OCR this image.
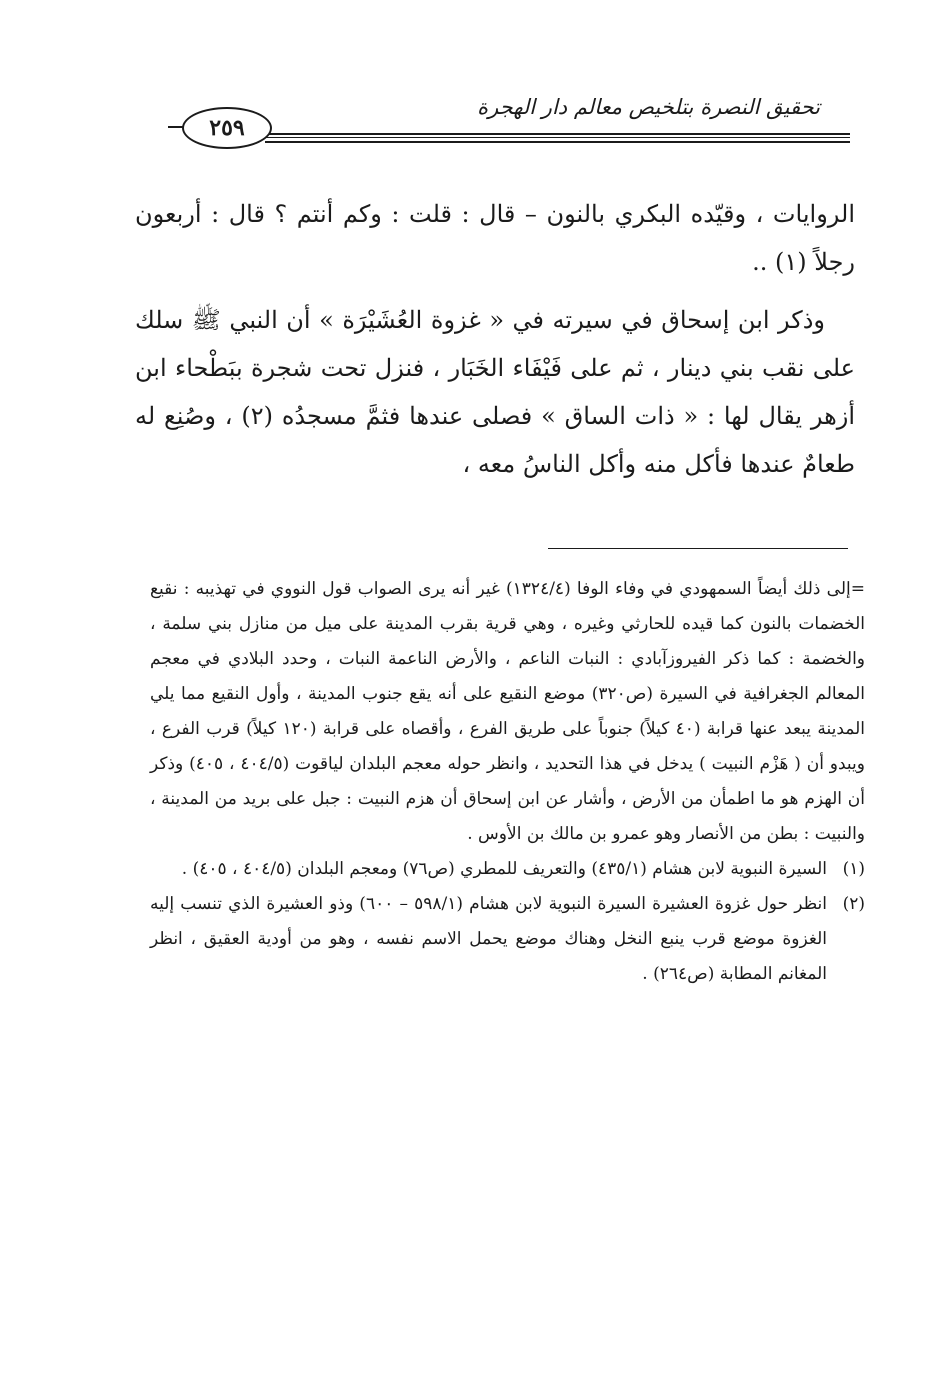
تحقيق النصرة بتلخيص معالم دار الهجرة
٢٥٩

الروايات ، وقيّده البكري بالنون – قال : قلت : وكم أنتم ؟ قال : أربعون رجلاً (١) ..

وذكر ابن إسحاق في سيرته في « غزوة العُشَيْرَة » أن النبي ﷺ سلك على نقب بني دينار ، ثم على فَيْفَاء الخَبَار ، فنزل تحت شجرة ببَطْحاء ابن أزهر يقال لها : « ذات الساق » فصلى عندها فثمَّ مسجدُه (٢) ، وصُنِع له طعامٌ عندها فأكل منه وأكل الناسُ معه ،

=إلى ذلك أيضاً السمهودي في وفاء الوفا (١٣٢٤/٤) غير أنه يرى الصواب قول النووي في تهذيبه : نقيع الخضمات بالنون كما قيده للحارثي وغيره ، وهي قرية بقرب المدينة على ميل من منازل بني سلمة ، والخضمة : كما ذكر الفيروزآبادي : النبات الناعم ، والأرض الناعمة النبات ، وحدد البلادي في معجم المعالم الجغرافية في السيرة (ص٣٢٠) موضع النقيع على أنه يقع جنوب المدينة ، وأول النقيع مما يلي المدينة يبعد عنها قرابة (٤٠ كيلاً) جنوباً على طريق الفرع ، وأقصاه على قرابة (١٢٠ كيلاً) قرب الفرع ، ويبدو أن ( هَزْم النبيت ) يدخل في هذا التحديد ، وانظر حوله معجم البلدان لياقوت (٤٠٤/٥ ، ٤٠٥) وذكر أن الهزم هو ما اطمأن من الأرض ، وأشار عن ابن إسحاق أن هزم النبيت : جبل على بريد من المدينة ، والنبيت : بطن من الأنصار وهو عمرو بن مالك بن الأوس .

(١)
السيرة النبوية لابن هشام (٤٣٥/١) والتعريف للمطري (ص٧٦) ومعجم البلدان (٤٠٤/٥ ، ٤٠٥) .
(٢)
انظر حول غزوة العشيرة السيرة النبوية لابن هشام (٥٩٨/١ – ٦٠٠) وذو العشيرة الذي تنسب إليه الغزوة موضع قرب ينبع النخل وهناك موضع يحمل الاسم نفسه ، وهو من أودية العقيق ، انظر المغانم المطابة (ص٢٦٤) .
